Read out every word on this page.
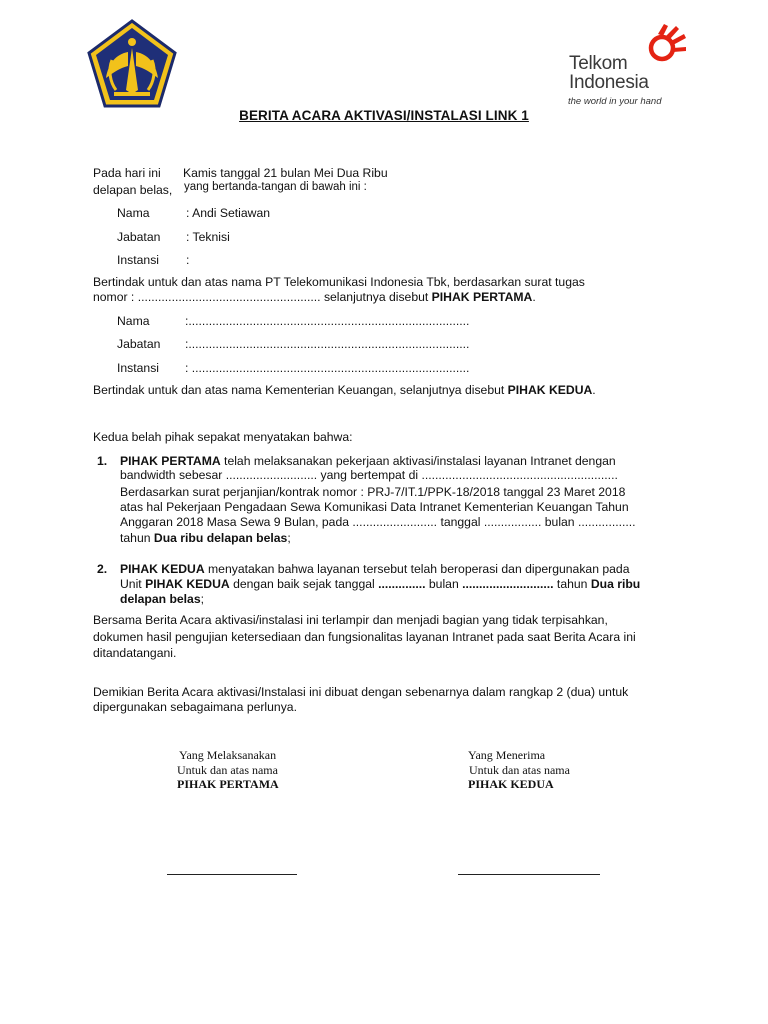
Telkom
Indonesia
the world in your hand
BERITA ACARA AKTIVASI/INSTALASI LINK 1
Pada hari ini Kamis tanggal 21 bulan Mei Dua Ribu
delapan belas, yang bertanda-tangan di bawah ini :
Nama	: Andi Setiawan
Jabatan : Teknisi
Instansi :
Bertindak untuk dan atas nama PT Telekomunikasi Indonesia Tbk, berdasarkan surat tugas
nomor : ...................................................... selanjutnya disebut PIHAK PERTAMA.
Nama	:...................................................................................
Jabatan :...................................................................................
Instansi : ..................................................................................
Bertindak untuk dan atas nama Kementerian Keuangan, selanjutnya disebut PIHAK KEDUA.
Kedua belah pihak sepakat menyatakan bahwa:
1. PIHAK PERTAMA telah melaksanakan pekerjaan aktivasi/instalasi layanan Intranet dengan
bandwidth sebesar ........................... yang bertempat di ..........................................................
Berdasarkan surat perjanjian/kontrak nomor : PRJ-7/IT.1/PPK-18/2018 tanggal 23 Maret 2018
atas hal Pekerjaan Pengadaan Sewa Komunikasi Data Intranet Kementerian Keuangan Tahun
Anggaran 2018 Masa Sewa 9 Bulan, pada ......................... tanggal ................. bulan .................
tahun Dua ribu delapan belas;
2. PIHAK KEDUA menyatakan bahwa layanan tersebut telah beroperasi dan dipergunakan pada
Unit PIHAK KEDUA dengan baik sejak tanggal .............. bulan ........................... tahun Dua ribu
delapan belas;
Bersama Berita Acara aktivasi/instalasi ini terlampir dan menjadi bagian yang tidak terpisahkan,
dokumen hasil pengujian ketersediaan dan fungsionalitas layanan Intranet pada saat Berita Acara ini
ditandatangani.
Demikian Berita Acara aktivasi/Instalasi ini dibuat dengan sebenarnya dalam rangkap 2 (dua) untuk
dipergunakan sebagaimana perlunya.
Yang Melaksanakan
Untuk dan atas nama
PIHAK PERTAMA
Yang Menerima
Untuk dan atas nama
PIHAK KEDUA
